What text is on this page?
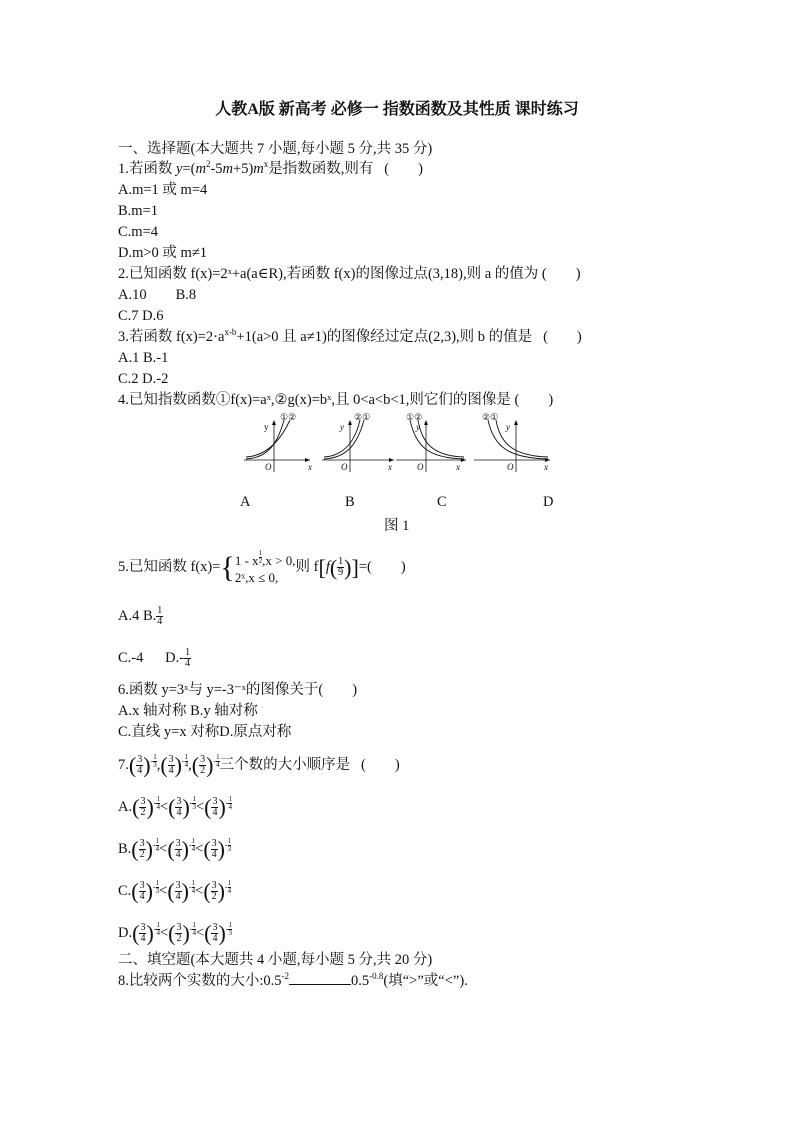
人教A版 新高考 必修一 指数函数及其性质 课时练习
一、选择题(本大题共 7 小题,每小题 5 分,共 35 分)
1.若函数 $y=(m^2-5m+5)m^x$是指数函数,则有 (　　)
A.m=1 或 m=4
B.m=1
C.m=4
D.m>0 或 m≠1
2.已知函数 f(x)=2ˣ+a(a∈R),若函数 f(x)的图像过点(3,18),则 a 的值为 (　　)
A.10　　B.8
C.7 D.6
3.若函数 $f(x)=2\cdot a^{x-b}+1(a>0$ 且 a≠1)的图像经过定点(2,3),则 b 的值是 (　　)
A.1 B.-1
C.2 D.-2
4.已知指数函数①f(x)=aˣ,②g(x)=bˣ,且 0<a<b<1,则它们的图像是 (　　)
y
x
O
①②
y
x
O
②①
y
x
O
①②
y
x
O
②①
A	B	C	D
图 1
5.已知函数 f(x)={1 - x $\frac{1}{2} ,x > 0$,
2ˣ,x ≤ 0,则 $f[f( \frac{1}{9}$ )]=(　　)
A.4 B. $\frac{1}{4}$
C.-4 $D.- \frac{1}{4}$
6.函数 y=3ˣ与 y=-3⁻ˣ的图像关于(　　)
A.x 轴对称 B.y 轴对称
C.直线 y=x 对称D.原点对称
$7.( \frac{3}{4}$ )- $\frac{1}{3}$ ,( $\frac{3}{4}$ )- $\frac{1}{4}$ ,( $\frac{3}{2}$ )- $\frac{1}{4}$ 三个数的大小顺序是 (　　)
$A.( \frac{3}{2}$ )- $\frac{1}{4}$ <( $\frac{3}{4}$ )- $\frac{1}{3}$ <( $\frac{3}{4}$ )- $\frac{1}{4}$
$B.( \frac{3}{2}$ )- $\frac{1}{4}$ <( $\frac{3}{4}$ )- $\frac{1}{4}$ <( $\frac{3}{4}$ )- $\frac{1}{3}$
$C.( \frac{3}{4}$ )- $\frac{1}{3}$ <( $\frac{3}{4}$ )- $\frac{1}{4}$ <( $\frac{3}{2}$ )- $\frac{1}{4}$
$D.( \frac{3}{4}$ )- $\frac{1}{4}$ <( $\frac{3}{2}$ )- $\frac{1}{4}$ <( $\frac{3}{4}$ )- $\frac{1}{3}$
二、填空题(本大题共 4 小题,每小题 5 分,共 20 分)
8.比较两个实数的大小$:0.5^{-2}$	$0.5^{-0.8}$(填“>”或“<”).
